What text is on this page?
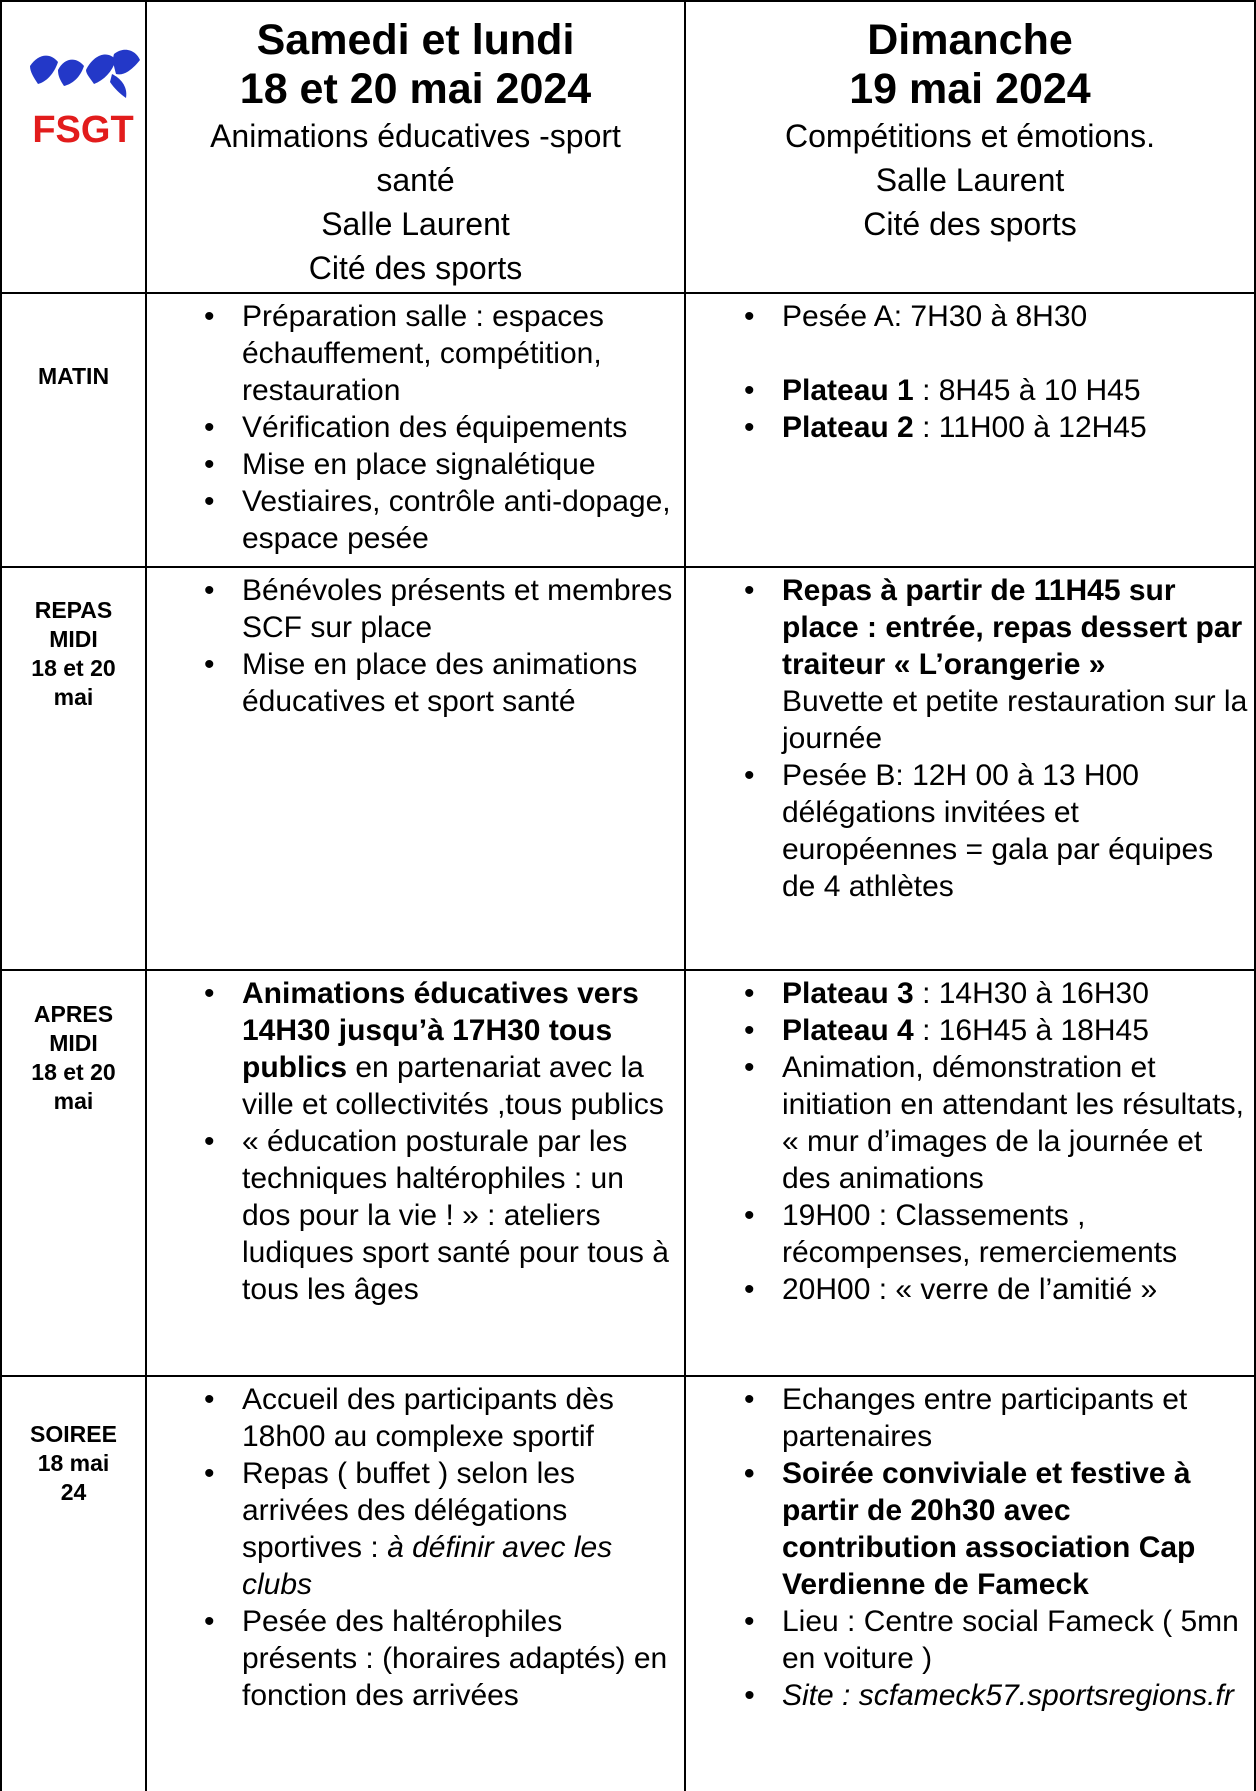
FSGT
Samedi et lundi
18 et 20 mai 2024
Animations éducatives -sport
santé
Salle Laurent
Cité des sports
Dimanche
19 mai 2024
Compétitions et émotions.
Salle Laurent
Cité des sports
MATIN
• Préparation salle : espaces échauffement, compétition, restauration
• Vérification des équipements
• Mise en place signalétique
• Vestiaires, contrôle anti-dopage, espace pesée
• Pesée A: 7H30 à 8H30
• Plateau 1 : 8H45 à 10 H45
• Plateau 2 : 11H00 à 12H45
REPAS
MIDI
18 et 20
mai
• Bénévoles présents et membres SCF sur place
• Mise en place des animations éducatives et sport santé
• Repas à partir de 11H45 sur place : entrée, repas dessert par traiteur « L’orangerie »
Buvette et petite restauration sur la journée
• Pesée B: 12H 00 à 13 H00 délégations invitées et européennes = gala par équipes de 4 athlètes
APRES
MIDI
18 et 20
mai
• Animations éducatives vers 14H30 jusqu’à 17H30 tous publics en partenariat avec la ville et collectivités ,tous publics
• « éducation posturale par les techniques haltérophiles : un dos pour la vie ! » : ateliers ludiques sport santé pour tous à tous les âges
• Plateau 3 : 14H30 à 16H30
• Plateau 4 : 16H45 à 18H45
• Animation, démonstration et initiation en attendant les résultats, « mur d’images de la journée et des animations
• 19H00 : Classements , récompenses, remerciements
• 20H00 : « verre de l’amitié »
SOIREE
18 mai
24
• Accueil des participants dès 18h00 au complexe sportif
• Repas ( buffet ) selon les arrivées des délégations sportives : à définir avec les clubs
• Pesée des haltérophiles présents : (horaires adaptés) en fonction des arrivées
• Echanges entre participants et partenaires
• Soirée conviviale et festive à partir de 20h30 avec contribution association Cap Verdienne de Fameck
• Lieu : Centre social Fameck ( 5mn en voiture )
• Site : scfameck57.sportsregions.fr
